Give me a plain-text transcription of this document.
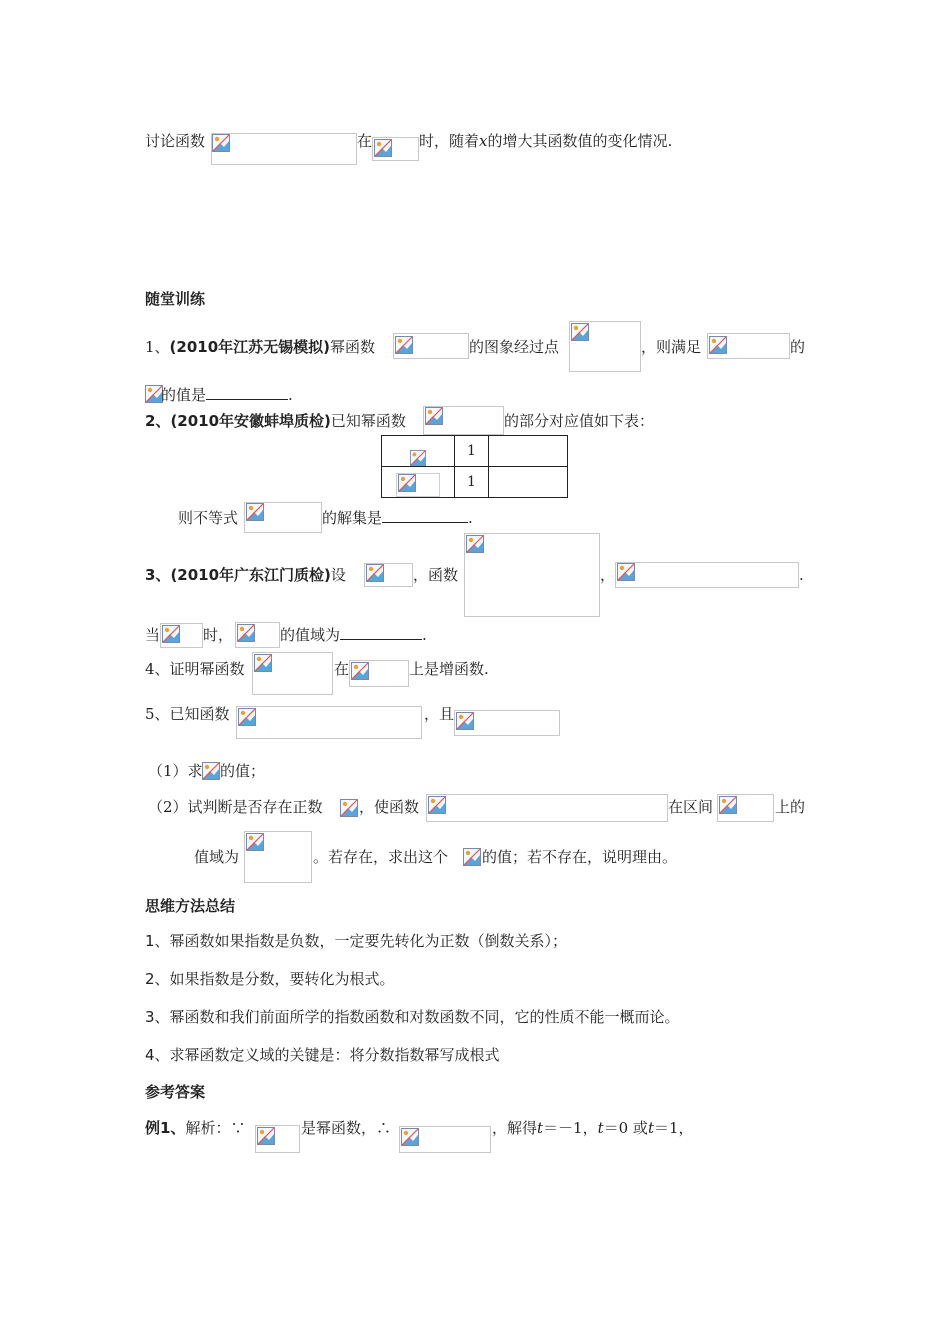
讨论函数	在	时，随着x的增大其函数值的变化情况.
随堂训练
1、(2010年江苏无锡模拟)幂函数	的图象经过点	，则满足	的
的值是	.
2、(2010年安徽蚌埠质检)已知幂函数	的部分对应值如下表：
	1	

	1	
则不等式	的解集是	.
3、(2010年广东江门质检)设	，函数	，	.
当	时，	的值域为	.
4、证明幂函数	在	上是增函数.
5、已知函数	，且
（1）求 的值；
（2）试判断是否存在正数 ，使函数	在区间	上的
值域为	。若存在，求出这个 的值；若不存在，说明理由。
思维方法总结
1、幂函数如果指数是负数，一定要先转化为正数（倒数关系）；
2、如果指数是分数，要转化为根式。
3、幂函数和我们前面所学的指数函数和对数函数不同，它的性质不能一概而论。
4、求幂函数定义域的关键是：将分数指数幂写成根式
参考答案
例1、解析：∵	是幂函数，∴	，解得t＝－1，t＝0 或t＝1，
